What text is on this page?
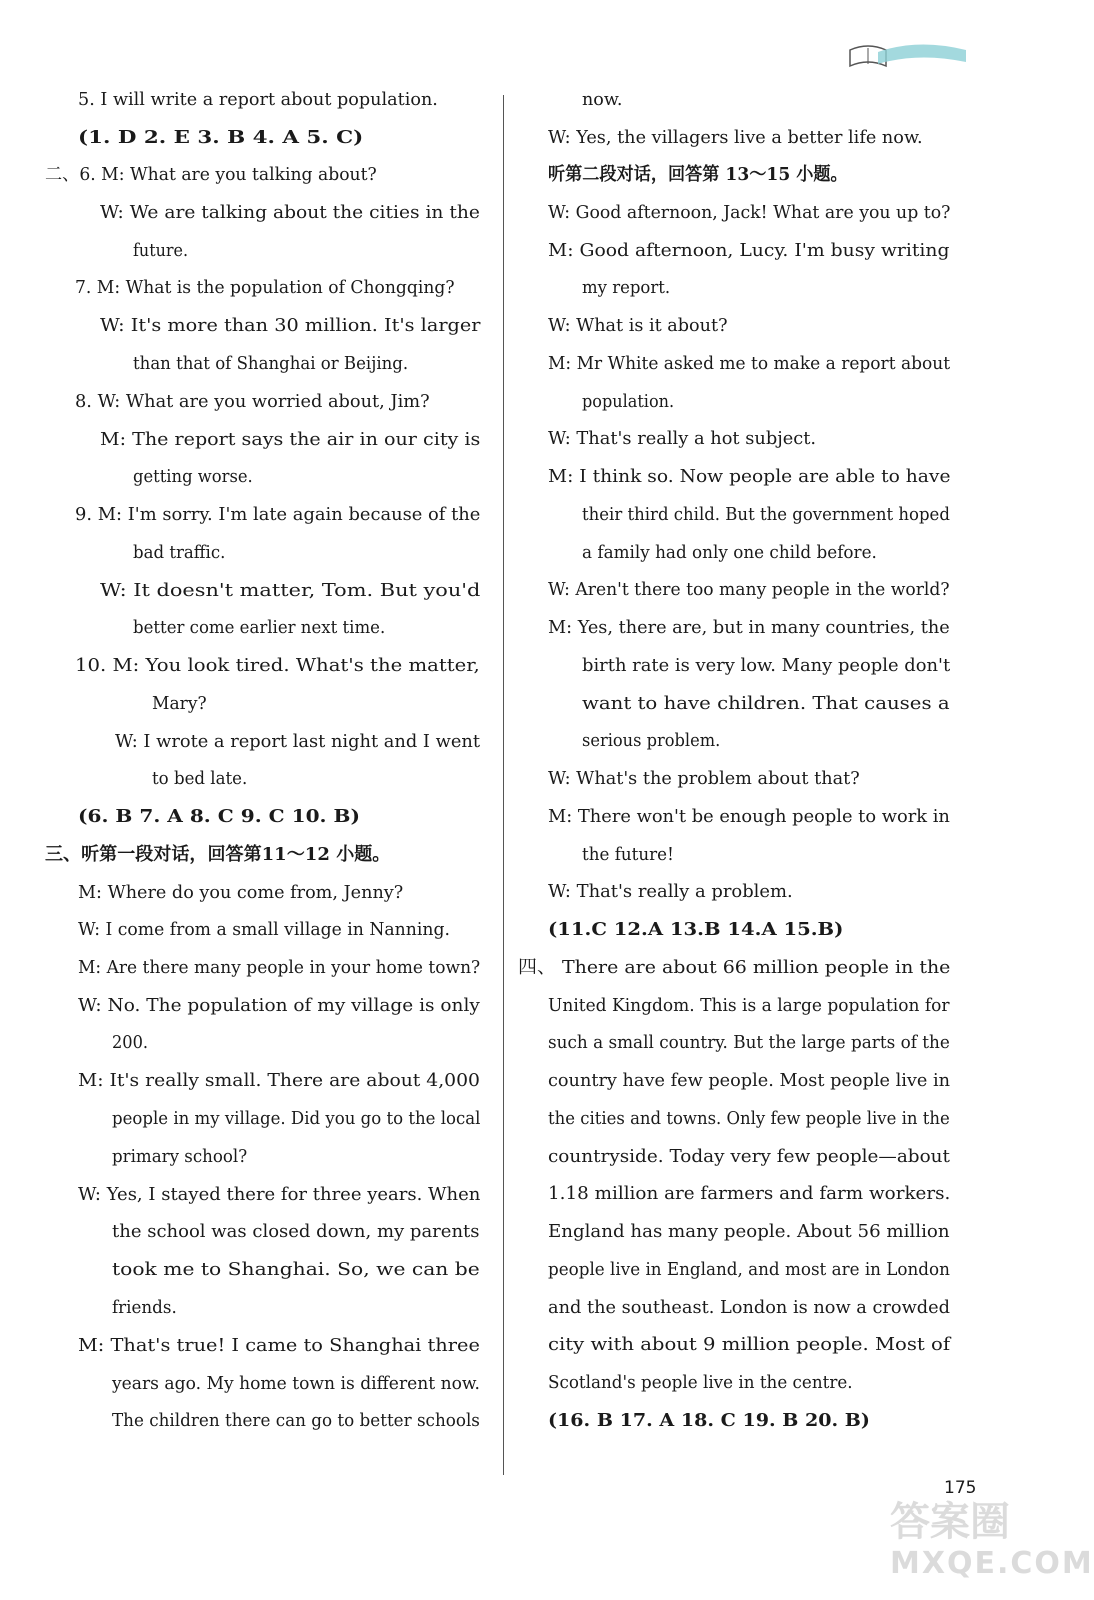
5. I will write a report about population.
(1. D 2. E 3. B 4. A 5. C)
二、6. M: What are you talking about?
W: We are talking about the cities in the
future.
7. M: What is the population of Chongqing?
W: It's more than 30 million. It's larger
than that of Shanghai or Beijing.
8. W: What are you worried about, Jim?
M: The report says the air in our city is
getting worse.
9. M: I'm sorry. I'm late again because of the
bad traffic.
W: It doesn't matter, Tom. But you'd
better come earlier next time.
10. M: You look tired. What's the matter,
Mary?
W: I wrote a report last night and I went
to bed late.
(6. B 7. A 8. C 9. C 10. B)
三、听第一段对话，回答第11～12 小题。
M: Where do you come from, Jenny?
W: I come from a small village in Nanning.
M: Are there many people in your home town?
W: No. The population of my village is only
200.
M: It's really small. There are about 4,000
people in my village. Did you go to the local
primary school?
W: Yes, I stayed there for three years. When
the school was closed down, my parents
took me to Shanghai. So, we can be
friends.
M: That's true! I came to Shanghai three
years ago. My home town is different now.
The children there can go to better schools
now.
W: Yes, the villagers live a better life now.
听第二段对话，回答第 13～15 小题。
W: Good afternoon, Jack! What are you up to?
M: Good afternoon, Lucy. I'm busy writing
my report.
W: What is it about?
M: Mr White asked me to make a report about
population.
W: That's really a hot subject.
M: I think so. Now people are able to have
their third child. But the government hoped
a family had only one child before.
W: Aren't there too many people in the world?
M: Yes, there are, but in many countries, the
birth rate is very low. Many people don't
want to have children. That causes a
serious problem.
W: What's the problem about that?
M: There won't be enough people to work in
the future!
W: That's really a problem.
(11.C 12.A 13.B 14.A 15.B)
四、 There are about 66 million people in the
United Kingdom. This is a large population for
such a small country. But the large parts of the
country have few people. Most people live in
the cities and towns. Only few people live in the
countryside. Today very few people—about
1.18 million are farmers and farm workers.
England has many people. About 56 million
people live in England, and most are in London
and the southeast. London is now a crowded
city with about 9 million people. Most of
Scotland's people live in the centre.
(16. B 17. A 18. C 19. B 20. B)
175
答案圈
MXQE.COM
